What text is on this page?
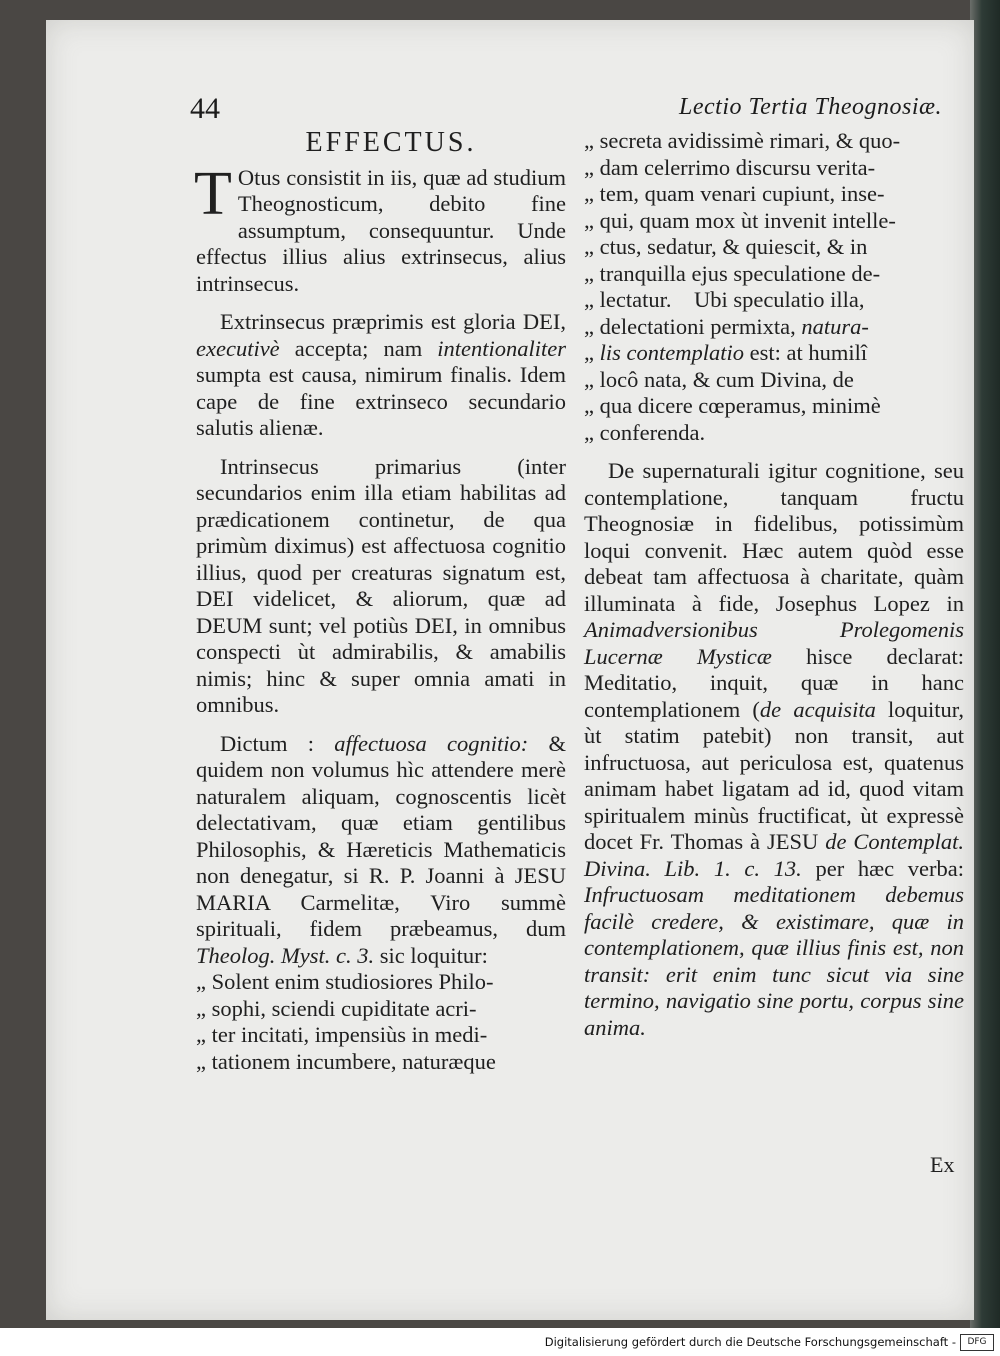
44	Lectio Tertia Theognosiæ.
EFFECTUS.

T Otus consistit in iis, quæ ad studium Theognosticum, debito fine assumptum, consequuntur. Unde effectus illius alius extrinsecus, alius intrinsecus.

Extrinsecus præprimis est gloria DEI, executivè accepta; nam intentionaliter sumpta est causa, nimirum finalis. Idem cape de fine extrinseco secundario salutis alienæ.

Intrinsecus primarius (inter secundarios enim illa etiam habilitas ad prædicationem continetur, de qua primùm diximus) est affectuosa cognitio illius, quod per creaturas signatum est, DEI videlicet, & aliorum, quæ ad DEUM sunt; vel potiùs DEI, in omnibus conspecti ùt admirabilis, & amabilis nimis; hinc & super omnia amati in omnibus.

Dictum : affectuosa cognitio: & quidem non volumus hìc attendere merè naturalem aliquam, cognoscentis licèt delectativam, quæ etiam gentilibus Philosophis, & Hæreticis Mathematicis non denegatur, si R. P. Joanni à JESU MARIA Carmelitæ, Viro summè spirituali, fidem præbeamus, dum Theolog. Myst. c. 3. sic loquitur:

„ Solent enim studiosiores Philo-
„ sophi, sciendi cupiditate acri-
„ ter incitati, impensiùs in medi-
„ tationem incumbere, naturæque
„ secreta avidissimè rimari, & quo-
„ dam celerrimo discursu verita-
„ tem, quam venari cupiunt, inse-
„ qui, quam mox ùt invenit intelle-
„ ctus, sedatur, & quiescit, & in
„ tranquilla ejus speculatione de-
„ lectatur.    Ubi speculatio illa,
„ delectationi permixta, natura-
„ lis contemplatio est: at humilî
„ locô nata, & cum Divina, de
„ qua dicere cœperamus, minimè
„ conferenda.

De supernaturali igitur cognitione, seu contemplatione, tanquam fructu Theognosiæ in fidelibus, potissimùm loqui convenit. Hæc autem quòd esse debeat tam affectuosa à charitate, quàm illuminata à fide, Josephus Lopez in Animadversionibus Prolegomenis Lucernæ Mysticæ hisce declarat: Meditatio, inquit, quæ in hanc contemplationem (de acquisita loquitur, ùt statim patebit) non transit, aut infructuosa, aut periculosa est, quatenus animam habet ligatam ad id, quod vitam spiritualem minùs fructificat, ùt expressè docet Fr. Thomas à JESU de Contemplat. Divina. Lib. 1. c. 13. per hæc verba: Infructuosam meditationem debemus facilè credere, & existimare, quæ in contemplationem, quæ illius finis est, non transit: erit enim tunc sicut via sine termino, navigatio sine portu, corpus sine anima.

Ex
Digitalisierung gefördert durch die Deutsche Forschungsgemeinschaft -	DFG
